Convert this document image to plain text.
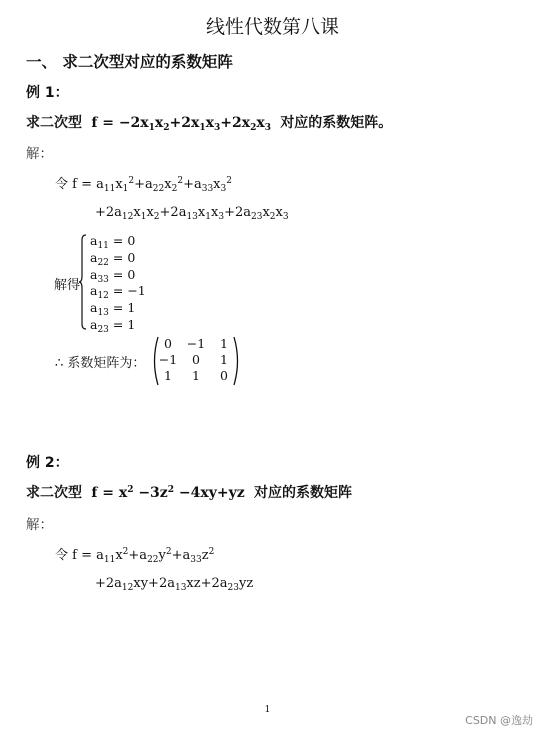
线性代数第八课
一、 求二次型对应的系数矩阵
例 1：
求二次型  $f = -2x_1x_2+2x_1x_3+2x_2x_3$ 对应的系数矩阵。
解：
令 $f = a_{11}x_1^2+a_{22}x_2^2+a_{33}x_3^2$
$+2a_{12}x_1x_2+2a_{13}x_1x_3+2a_{23}x_2x_3$
解得
$a_{11} = 0$
$a_{22} = 0$
$a_{33} = 0$
$a_{12} = -1$
$a_{13} = 1$
$a_{23} = 1$
∴ 系数矩阵为：
0	−1	1
−1	0	1
1	1	0
例 2：
求二次型  $f = x^2 -3z^2 -4xy+yz$  对应的系数矩阵
解：
令 $f = a_{11}x^2+a_{22}y^2+a_{33}z^2$
$+2a_{12}xy+2a_{13}xz+2a_{23}yz$
1
CSDN @逸劫
